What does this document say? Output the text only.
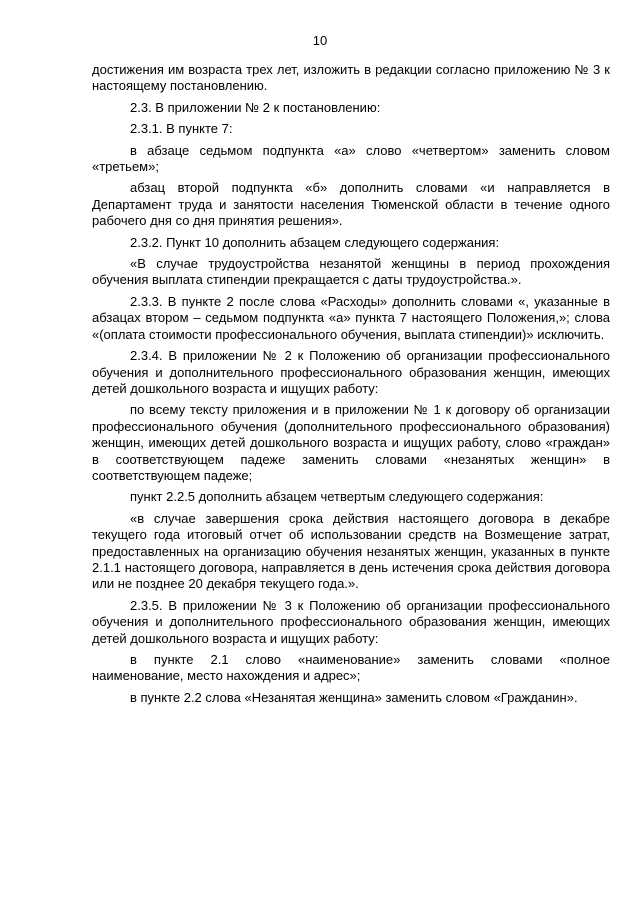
10

достижения им возраста трех лет, изложить в редакции согласно приложению № 3 к настоящему постановлению.

2.3. В приложении № 2 к постановлению:

2.3.1. В пункте 7:

в абзаце седьмом подпункта «а» слово «четвертом» заменить словом «третьем»;

абзац второй подпункта «б» дополнить словами «и направляется в Департамент труда и занятости населения Тюменской области в течение одного рабочего дня со дня принятия решения».

2.3.2. Пункт 10 дополнить абзацем следующего содержания:

«В случае трудоустройства незанятой женщины в период прохождения обучения выплата стипендии прекращается с даты трудоустройства.».

2.3.3. В пункте 2 после слова «Расходы» дополнить словами «, указанные в абзацах втором – седьмом подпункта «а» пункта 7 настоящего Положения,»; слова «(оплата стоимости профессионального обучения, выплата стипендии)» исключить.

2.3.4. В приложении № 2 к Положению об организации профессионального обучения и дополнительного профессионального образования женщин, имеющих детей дошкольного возраста и ищущих работу:

по всему тексту приложения и в приложении № 1 к договору об организации профессионального обучения (дополнительного профессионального образования) женщин, имеющих детей дошкольного возраста и ищущих работу, слово «граждан» в соответствующем падеже заменить словами «незанятых женщин» в соответствующем падеже;

пункт 2.2.5 дополнить абзацем четвертым следующего содержания:

«в случае завершения срока действия настоящего договора в декабре текущего года итоговый отчет об использовании средств на Возмещение затрат, предоставленных на организацию обучения незанятых женщин, указанных в пункте 2.1.1 настоящего договора, направляется в день истечения срока действия договора или не позднее 20 декабря текущего года.».

2.3.5. В приложении № 3 к Положению об организации профессионального обучения и дополнительного профессионального образования женщин, имеющих детей дошкольного возраста и ищущих работу:

в пункте 2.1 слово «наименование» заменить словами «полное наименование, место нахождения и адрес»;

в пункте 2.2 слова «Незанятая женщина» заменить словом «Гражданин».
